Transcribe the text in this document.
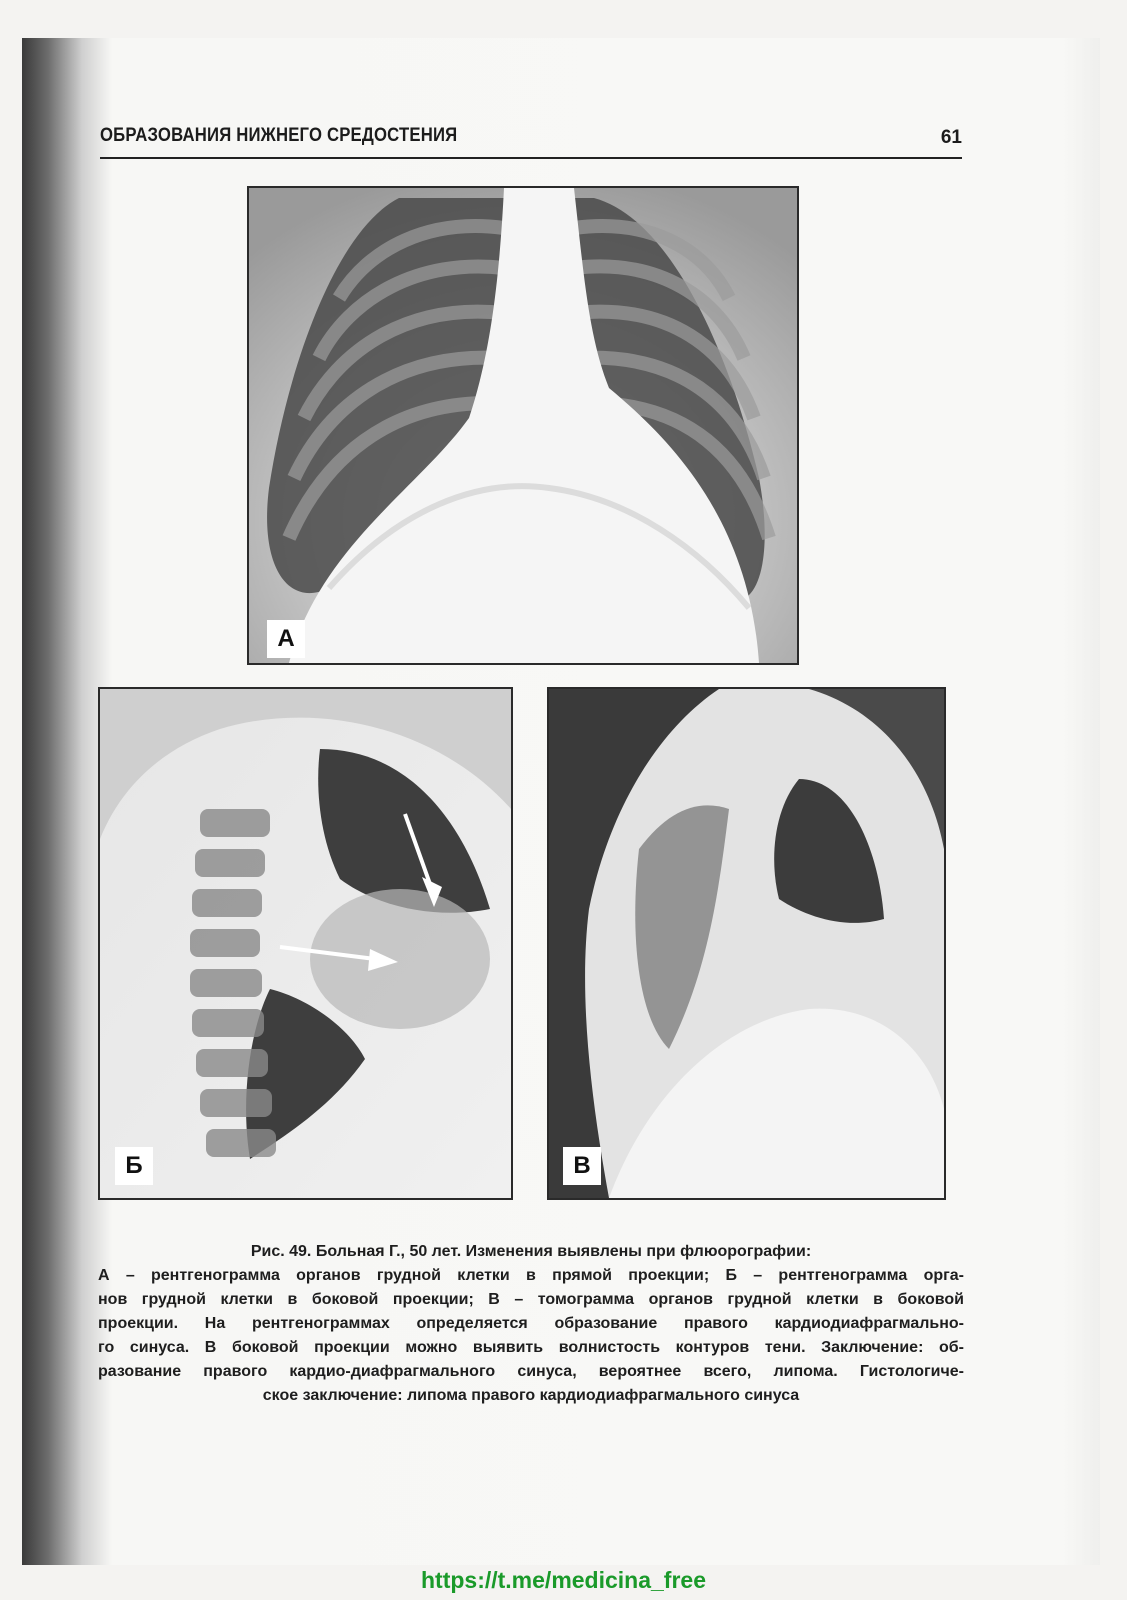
ОБРАЗОВАНИЯ НИЖНЕГО СРЕДОСТЕНИЯ	61
А
Б	В
Рис. 49. Больная Г., 50 лет. Изменения выявлены при флюорографии:
А – рентгенограмма органов грудной клетки в прямой проекции; Б – рентгенограмма орга-
нов грудной клетки в боковой проекции; В – томограмма органов грудной клетки в боковой
проекции. На рентгенограммах определяется образование правого кардиодиафрагмально-
го синуса. В боковой проекции можно выявить волнистость контуров тени. Заключение: об-
разование правого кардио-диафрагмального синуса, вероятнее всего, липома. Гистологиче-
ское заключение: липома правого кардиодиафрагмального синуса
https://t.me/medicina_free
